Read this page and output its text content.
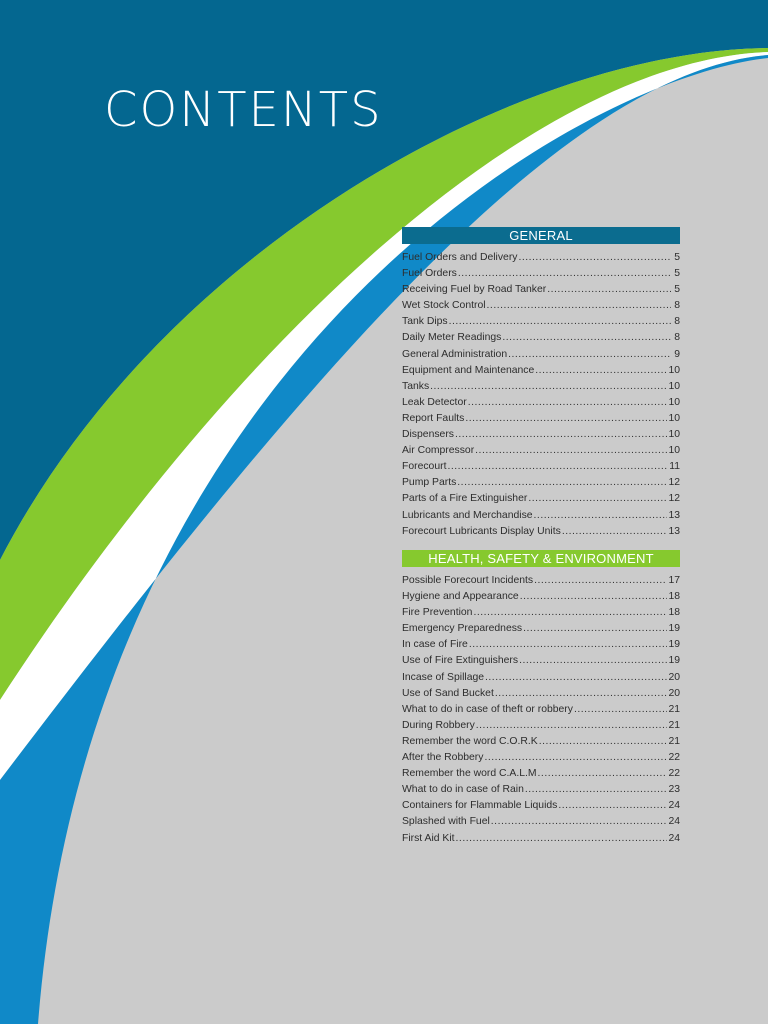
CONTENTS
GENERAL
Fuel Orders and Delivery .....	5
Fuel Orders .....	5
Receiving Fuel by Road Tanker .....	5
Wet Stock Control .....	8
Tank Dips .....	8
Daily Meter Readings .....	8
General Administration .....	9
Equipment and Maintenance .....	10
Tanks .....	10
Leak Detector .....	10
Report Faults .....	10
Dispensers .....	10
Air Compressor .....	10
Forecourt .....	11
Pump Parts .....	12
Parts of a Fire Extinguisher .....	12
Lubricants and Merchandise .....	13
Forecourt Lubricants Display Units .....	13
HEALTH, SAFETY & ENVIRONMENT
Possible Forecourt Incidents .....	17
Hygiene and Appearance .....	18
Fire Prevention .....	18
Emergency Preparedness .....	19
In case of Fire .....	19
Use of Fire Extinguishers .....	19
Incase of Spillage .....	20
Use of Sand Bucket .....	20
What to do in case of theft or robbery .....	21
During Robbery .....	21
Remember the word C.O.R.K .....	21
After the Robbery .....	22
Remember the word C.A.L.M .....	22
What to do in case of Rain .....	23
Containers for Flammable Liquids .....	24
Splashed with Fuel .....	24
First Aid Kit .....	24
